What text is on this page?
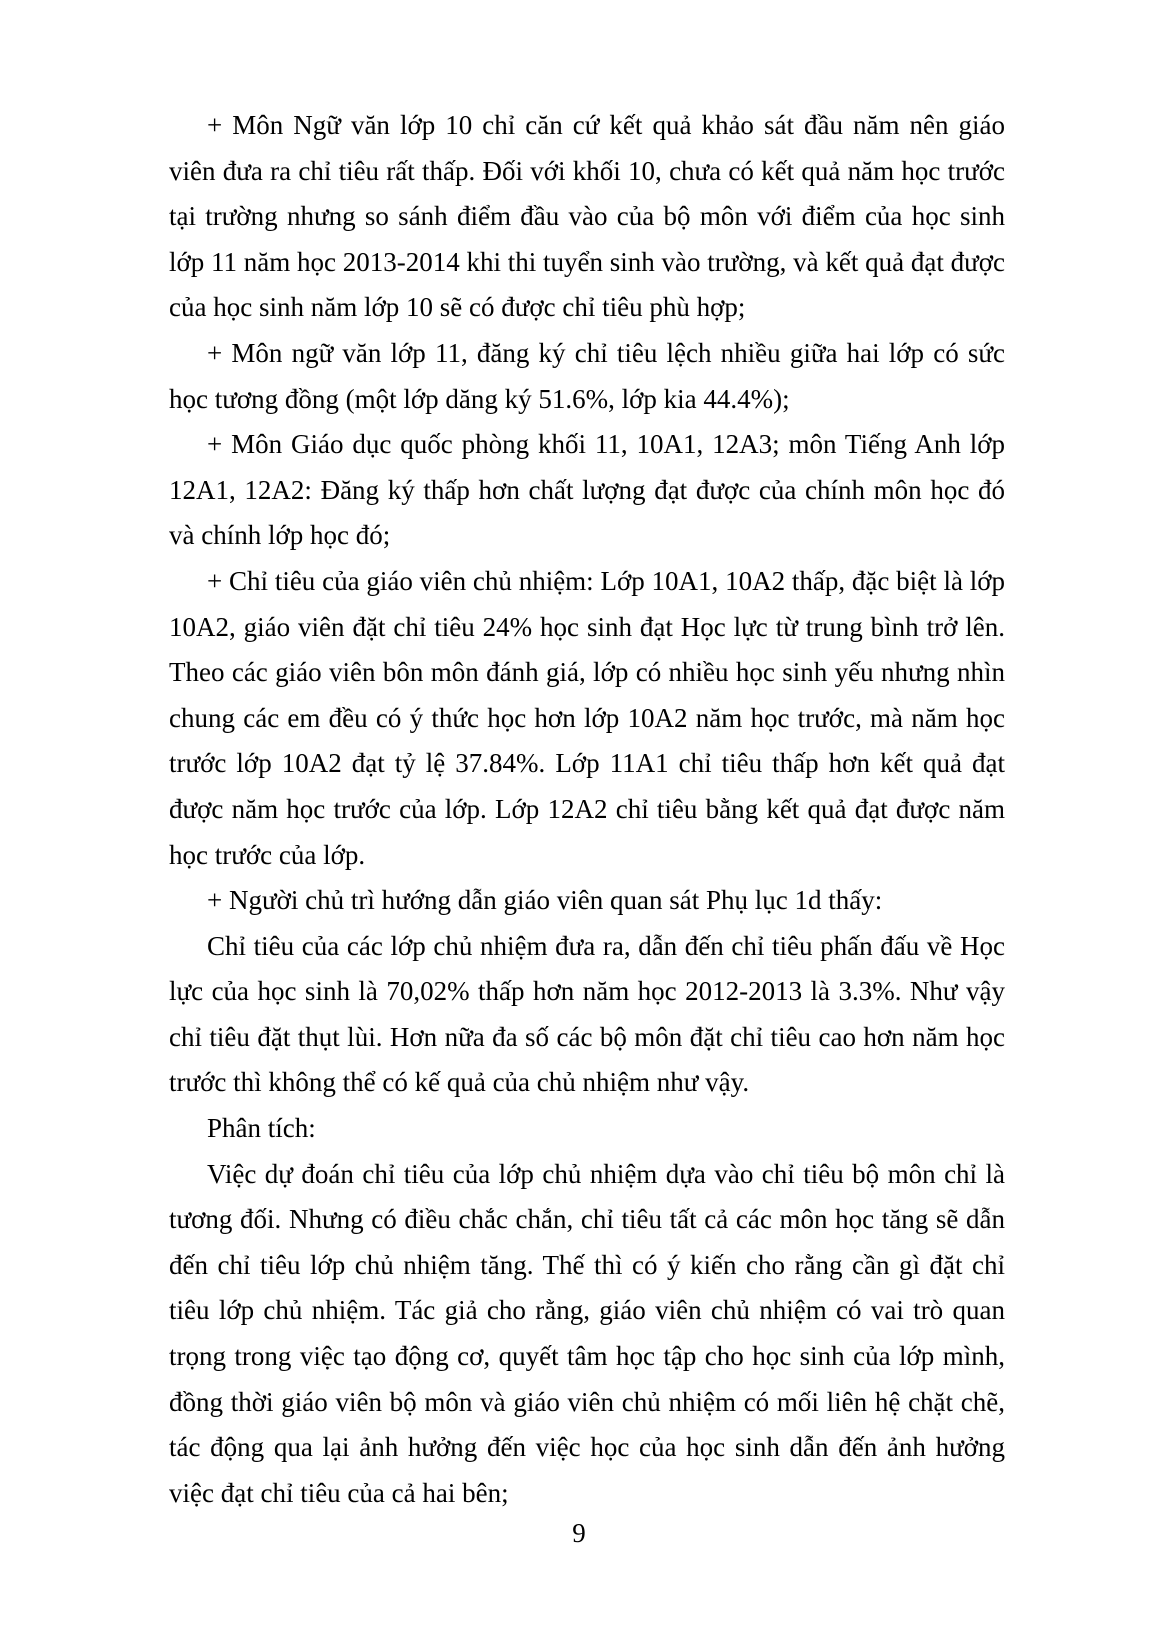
+ Môn Ngữ văn lớp 10 chỉ căn cứ kết quả khảo sát đầu năm nên giáo viên đưa ra chỉ tiêu rất thấp. Đối với khối 10, chưa có kết quả năm học trước tại trường nhưng so sánh điểm đầu vào của bộ môn với điểm của học sinh lớp 11 năm học 2013-2014 khi thi tuyển sinh vào trường, và kết quả đạt được của học sinh năm lớp 10 sẽ có được chỉ tiêu phù hợp;

+ Môn ngữ văn lớp 11, đăng ký chỉ tiêu lệch nhiều giữa hai lớp có sức học tương đồng (một lớp dăng ký 51.6%, lớp kia 44.4%);

+ Môn Giáo dục quốc phòng khối 11, 10A1, 12A3; môn Tiếng Anh lớp 12A1, 12A2: Đăng ký thấp hơn chất lượng đạt được của chính môn học đó và chính lớp học đó;

+ Chỉ tiêu của giáo viên chủ nhiệm: Lớp 10A1, 10A2 thấp, đặc biệt là lớp 10A2, giáo viên đặt chỉ tiêu 24% học sinh đạt Học lực từ trung bình trở lên. Theo các giáo viên bôn môn đánh giá, lớp có nhiều học sinh yếu nhưng nhìn chung các em đều có ý thức học hơn lớp 10A2 năm học trước, mà năm học trước lớp 10A2 đạt tỷ lệ 37.84%. Lớp 11A1 chỉ tiêu thấp hơn kết quả đạt được năm học trước của lớp. Lớp 12A2 chỉ tiêu bằng kết quả đạt được năm học trước của lớp.

+ Người chủ trì hướng dẫn giáo viên quan sát Phụ lục 1d thấy:

Chỉ tiêu của các lớp chủ nhiệm đưa ra, dẫn đến chỉ tiêu phấn đấu về Học lực của học sinh là 70,02% thấp hơn năm học 2012-2013 là 3.3%. Như vậy chỉ tiêu đặt thụt lùi. Hơn nữa đa số các bộ môn đặt chỉ tiêu cao hơn năm học trước thì không thể có kế quả của chủ nhiệm như vậy.

Phân tích:

Việc dự đoán chỉ tiêu của lớp chủ nhiệm dựa vào chỉ tiêu bộ môn chỉ là tương đối. Nhưng có điều chắc chắn, chỉ tiêu tất cả các môn học tăng sẽ dẫn đến chỉ tiêu lớp chủ nhiệm tăng. Thế thì có ý kiến cho rằng cần gì đặt chỉ tiêu lớp chủ nhiệm. Tác giả cho rằng, giáo viên chủ nhiệm có vai trò quan trọng trong việc tạo động cơ, quyết tâm học tập cho học sinh của lớp mình, đồng thời giáo viên bộ môn và giáo viên chủ nhiệm có mối liên hệ chặt chẽ, tác động qua lại ảnh hưởng đến việc học của học sinh dẫn đến ảnh hưởng việc đạt chỉ tiêu của cả hai bên;

9
